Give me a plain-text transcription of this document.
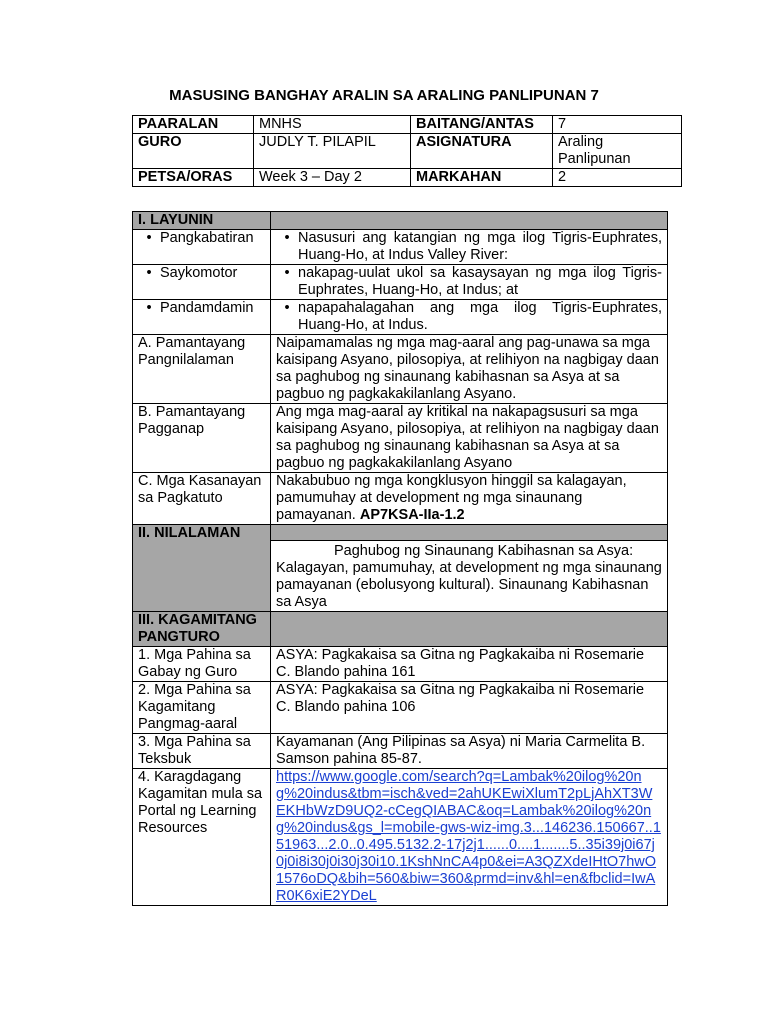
MASUSING BANGHAY ARALIN SA ARALING PANLIPUNAN 7
PAARALAN	MNHS	BAITANG/ANTAS	7
GURO	JUDLY T. PILAPIL	ASIGNATURA	Araling Panlipunan
PETSA/ORAS	Week 3 – Day 2	MARKAHAN	2
I. LAYUNIN	

• Pangkabatiran	• Nasusuri ang katangian ng mga ilog Tigris-Euphrates, Huang-Ho, at Indus Valley River:

• Saykomotor	• nakapag-uulat ukol sa kasaysayan ng mga ilog Tigris-Euphrates, Huang-Ho, at Indus; at

• Pandamdamin	• napapahalagahan ang mga ilog Tigris-Euphrates, Huang-Ho, at Indus.

A. Pamantayang Pangnilalaman	Naipamamalas ng mga mag-aaral ang pag-unawa sa mga kaisipang Asyano, pilosopiya, at relihiyon na nagbigay daan sa paghubog ng sinaunang kabihasnan sa Asya at sa pagbuo ng pagkakakilanlang Asyano.
B. Pamantayang Pagganap	Ang mga mag-aaral ay kritikal na nakapagsusuri sa mga kaisipang Asyano, pilosopiya, at relihiyon na nagbigay daan sa paghubog ng sinaunang kabihasnan sa Asya at sa pagbuo ng pagkakakilanlang Asyano
C. Mga Kasanayan sa Pagkatuto	Nakabubuo ng mga kongklusyon hinggil sa kalagayan, pamumuhay at development ng mga sinaunang pamayanan. AP7KSA-IIa-1.2
II. NILALAMAN	
	Paghubog ng Sinaunang Kabihasnan sa Asya: Kalagayan, pamumuhay, at development ng mga sinaunang pamayanan (ebolusyong kultural). Sinaunang Kabihasnan sa Asya
III. KAGAMITANG PANGTURO	
1. Mga Pahina sa Gabay ng Guro	ASYA: Pagkakaisa sa Gitna ng Pagkakaiba ni Rosemarie C. Blando pahina 161
2. Mga Pahina sa Kagamitang Pangmag-aaral	ASYA: Pagkakaisa sa Gitna ng Pagkakaiba ni Rosemarie C. Blando pahina 106
3. Mga Pahina sa Teksbuk	Kayamanan (Ang Pilipinas sa Asya) ni Maria Carmelita B. Samson pahina 85-87.
4. Karagdagang Kagamitan mula sa Portal ng Learning Resources	https://www.google.com/search?q=Lambak%20ilog%20ng%20indus&tbm=isch&ved=2ahUKEwiXlumT2pLjAhXT3WEKHbWzD9UQ2-cCegQIABAC&oq=Lambak%20ilog%20ng%20indus&gs_l=mobile-gws-wiz-img.3...146236.150667..151963...2.0..0.495.5132.2-17j2j1......0....1.......5..35i39j0i67j0j0i8i30j0i30j30i10.1KshNnCA4p0&ei=A3QZXdeIHtO7hwO1576oDQ&bih=560&biw=360&prmd=inv&hl=en&fbclid=IwAR0K6xiE2YDeL
